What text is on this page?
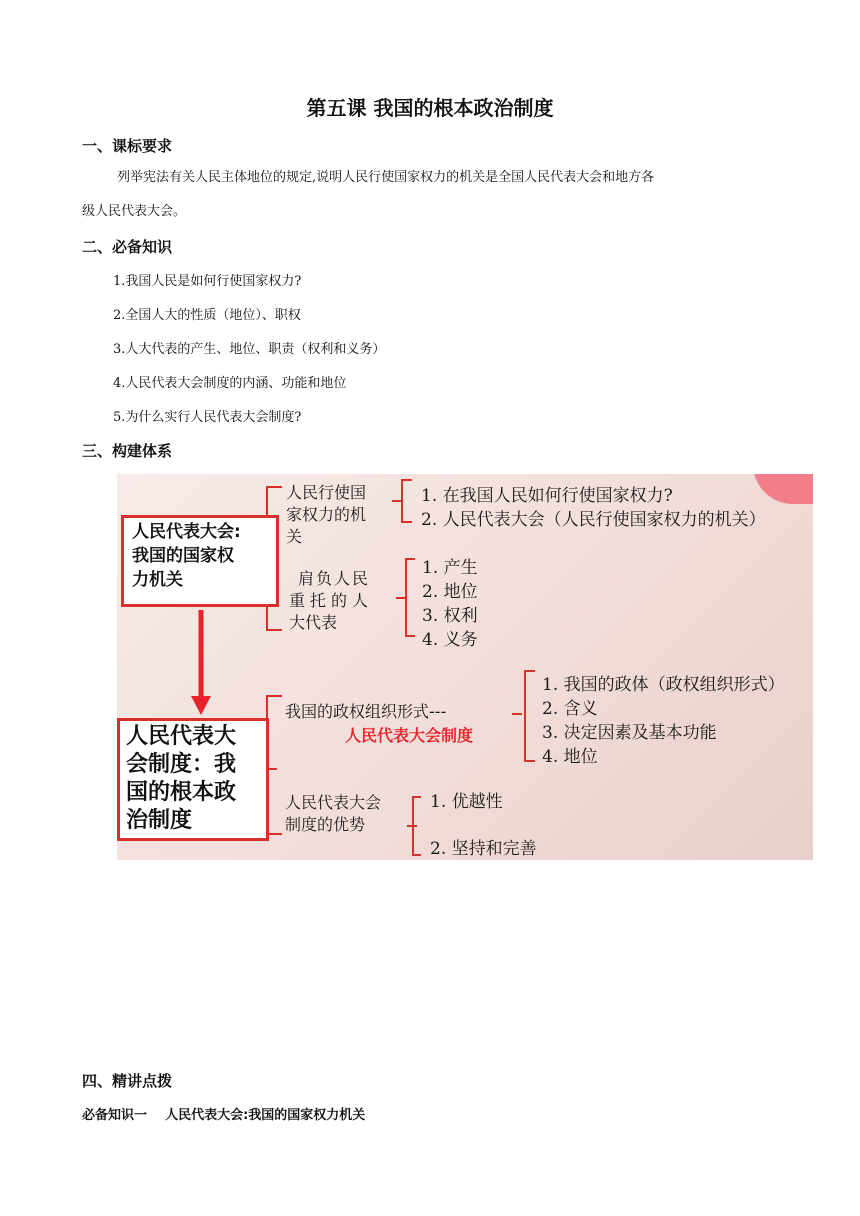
第五课 我国的根本政治制度
一、课标要求
列举宪法有关人民主体地位的规定,说明人民行使国家权力的机关是全国人民代表大会和地方各
级人民代表大会。
二、必备知识
1.我国人民是如何行使国家权力?
2.全国人大的性质（地位）、职权
3.人大代表的产生、地位、职责（权利和义务）
4.人民代表大会制度的内涵、功能和地位
5.为什么实行人民代表大会制度?
三、构建体系
人民代表大会:
我国的国家权
力机关
人民代表大
会制度：我
国的根本政
治制度
人民行使国
家权力的机
关
1. 在我国人民如何行使国家权力?
2. 人民代表大会（人民行使国家权力的机关）
肩负人民
重托的人
大代表
1. 产生
2. 地位
3. 权利
4. 义务
我国的政权组织形式---
人民代表大会制度
1. 我国的政体（政权组织形式）
2. 含义
3. 决定因素及基本功能
4. 地位
人民代表大会
制度的优势
1. 优越性
2. 坚持和完善
四、精讲点拨
必备知识一    人民代表大会:我国的国家权力机关
